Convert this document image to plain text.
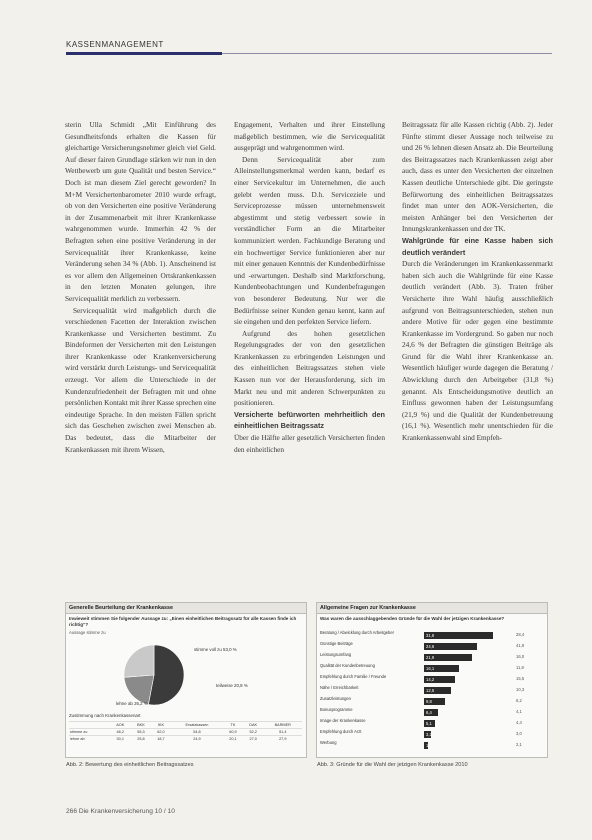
KASSENMANAGEMENT

sterin Ulla Schmidt „Mit Einführung des Gesundheitsfonds erhalten die Kassen für gleichartige Versicherungsnehmer gleich viel Geld. Auf dieser fairen Grundlage stärken wir nun in den Wettbewerb um gute Qualität und besten Service.“ Doch ist man diesem Ziel gerecht geworden? In M+M Versichertenbarometer 2010 wurde erfragt, ob von den Versicherten eine positive Veränderung in der Zusammenarbeit mit ihrer Krankenkasse wahrgenommen wurde. Immerhin 42 % der Befragten sehen eine positive Veränderung in der Servicequalität ihrer Krankenkasse, keine Veränderung sehen 34 % (Abb. 1). Anscheinend ist es vor allem den Allgemeinen Ortskrankenkassen in den letzten Monaten gelungen, ihre Servicequalität merklich zu verbessern.

Servicequalität wird maßgeblich durch die verschiedenen Facetten der Interaktion zwischen Krankenkasse und Versicherten bestimmt. Zu Bindeformen der Versicherten mit den Leistungen ihrer Krankenkasse oder Krankenversicherung wird verstärkt durch Leistungs- und Servicequalität erzeugt. Vor allem die Unterschiede in der Kundenzufriedenheit der Befragten mit und ohne persönlichen Kontakt mit ihrer Kasse sprechen eine eindeutige Sprache. In den meisten Fällen spricht sich das Geschehen zwischen zwei Menschen ab. Das bedeutet, dass die Mitarbeiter der Krankenkassen mit ihrem Wissen,

Engagement, Verhalten und ihrer Einstellung maßgeblich bestimmen, wie die Servicequalität ausgeprägt und wahrgenommen wird.

Denn Servicequalität aber zum Alleinstellungsmerkmal werden kann, bedarf es einer Servicekultur im Unternehmen, die auch gelebt werden muss. D.h. Serviceziele und Serviceprozesse müssen unternehmensweit abgestimmt und stetig verbessert sowie in verständlicher Form an die Mitarbeiter kommuniziert werden. Fachkundige Beratung und ein hochwertiger Service funktionieren aber nur mit einer genauen Kenntnis der Kundenbedürfnisse und -erwartungen. Deshalb sind Marktforschung, Kundenbeobachtungen und Kundenbefragungen von besonderer Bedeutung. Nur wer die Bedürfnisse seiner Kunden genau kennt, kann auf sie eingehen und den perfekten Service liefern.

Aufgrund des hohen gesetzlichen Regelungsgrades der von den gesetzlichen Krankenkassen zu erbringenden Leistungen und des einheitlichen Beitragssatzes stehen viele Kassen nun vor der Herausforderung, sich im Markt neu und mit anderen Schwerpunkten zu positionieren.

Versicherte befürworten mehrheitlich den einheitlichen Beitragssatz

Über die Hälfte aller gesetzlich Versicherten finden den einheitlichen

Beitragssatz für alle Kassen richtig (Abb. 2). Jeder Fünfte stimmt dieser Aussage noch teilweise zu und 26 % lehnen diesen Ansatz ab. Die Beurteilung des Beitragssatzes nach Krankenkassen zeigt aber auch, dass es unter den Versicherten der einzelnen Kassen deutliche Unterschiede gibt. Die geringste Befürwortung des einheitlichen Beitragssatzes findet man unter den AOK-Versicherten, die meisten Anhänger bei den Versicherten der Innungskrankenkassen und der TK.

Wahlgründe für eine Kasse haben sich deutlich verändert

Durch die Veränderungen im Krankenkassenmarkt haben sich auch die Wahlgründe für eine Kasse deutlich verändert (Abb. 3). Traten früher Versicherte ihre Wahl häufig ausschließlich aufgrund von Beitragsunterschieden, stehen nun andere Motive für oder gegen eine bestimmte Krankenkasse im Vordergrund. So gaben nur noch 24,6 % der Befragten die günstigen Beiträge als Grund für die Wahl ihrer Krankenkasse an. Wesentlich häufiger wurde dagegen die Beratung / Abwicklung durch den Arbeitgeber (31,8 %) genannt. Als Entscheidungsmotive deutlich an Einfluss gewonnen haben der Leistungsumfang (21,9 %) und die Qualität der Kundenbetreuung (16,1 %). Wesentlich mehr unentschieden für die Krankenkassenwahl sind Empfeh-

Generelle Beurteilung der Krankenkasse
Inwieweit stimmen Sie folgender Aussage zu: „Einen einheitlichen Beitragssatz für alle Kassen finde ich richtig“?
Aussage stimme zu
stimme voll zu 53,0 %
teilweise 20,8 %
lehne ab 26,2 %
Zustimmung nach Krankenkassenart
	AOK	BKK	IKK	Ersatzkassen	TK	DAK	BARMER
stimme zu	46,2	55,3	62,0	54,8	60,9	52,2	51,4
lehne ab	30,1	25,8	18,7	24,9	20,1	27,0	27,9
Abb. 2: Bewertung des einheitlichen Beitragssatzes
Allgemeine Fragen zur Krankenkasse
Was waren die ausschlaggebenden Gründe für die Wahl der jetzigen Krankenkasse?
Beratung / Abwicklung durch Arbeitgeber
31,8	28,4
Günstige Beiträge
24,6	41,9
Leistungsumfang
21,9	16,0
Qualität der Kundenbetreuung
16,1	11,8
Empfehlung durch Familie / Freunde
14,2	15,5
Nähe / Erreichbarkeit
12,5	10,3
Zusatzleistungen
9,8	6,2
Bonusprogramme
6,4	4,1
Image der Krankenkasse
5,1	4,4
Empfehlung durch Arzt
3,2	3,0
Werbung
1,9	2,1
Abb. 3: Gründe für die Wahl der jetzigen Krankenkasse 2010
266 Die Krankenversicherung 10 / 10
